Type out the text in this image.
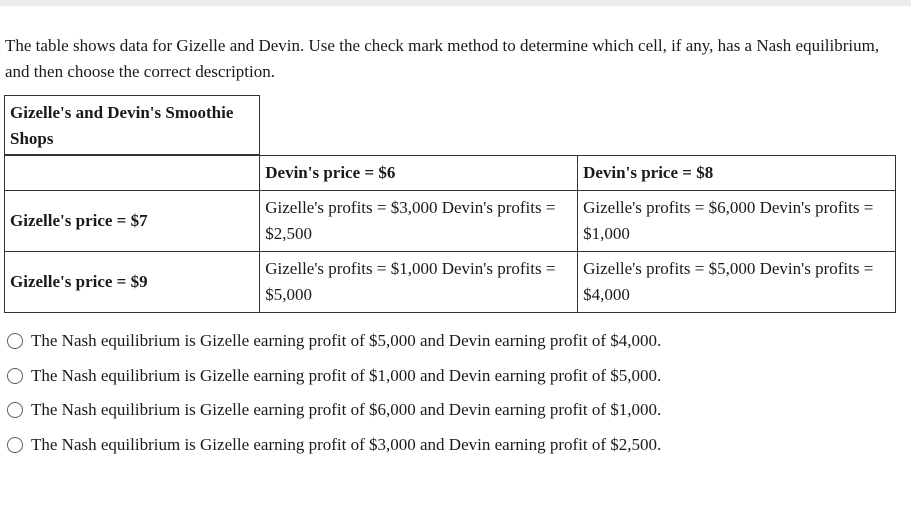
The table shows data for Gizelle and Devin. Use the check mark method to determine which cell, if any, has a Nash equilibrium, and then choose the correct description.

Gizelle's and Devin's Smoothie Shops
	Devin's price = $6	Devin's price = $8
Gizelle's price = $7	Gizelle's profits = $3,000 Devin's profits = $2,500	Gizelle's profits = $6,000 Devin's profits = $1,000
Gizelle's price = $9	Gizelle's profits = $1,000 Devin's profits = $5,000	Gizelle's profits = $5,000 Devin's profits = $4,000
The Nash equilibrium is Gizelle earning profit of $5,000 and Devin earning profit of $4,000.
The Nash equilibrium is Gizelle earning profit of $1,000 and Devin earning profit of $5,000.
The Nash equilibrium is Gizelle earning profit of $6,000 and Devin earning profit of $1,000.
The Nash equilibrium is Gizelle earning profit of $3,000 and Devin earning profit of $2,500.
